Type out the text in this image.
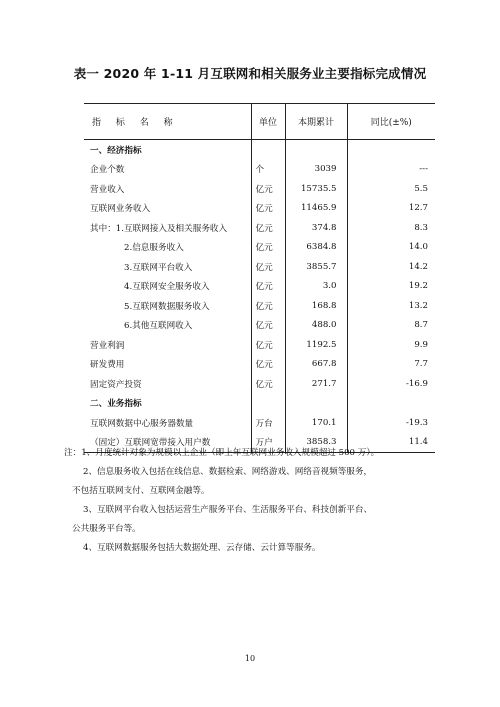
表一 2020 年 1-11 月互联网和相关服务业主要指标完成情况
指 标 名 称	单位	本期累计	同比(±%)
一、经济指标			
企业个数	个	3039	---
营业收入	亿元	15735.5	5.5
互联网业务收入	亿元	11465.9	12.7
其中：1.互联网接入及相关服务收入	亿元	374.8	8.3
2.信息服务收入	亿元	6384.8	14.0
3.互联网平台收入	亿元	3855.7	14.2
4.互联网安全服务收入	亿元	3.0	19.2
5.互联网数据服务收入	亿元	168.8	13.2
6.其他互联网收入	亿元	488.0	8.7
营业利润	亿元	1192.5	9.9
研发费用	亿元	667.8	7.7
固定资产投资	亿元	271.7	-16.9
二、业务指标			
互联网数据中心服务器数量	万台	170.1	-19.3
（固定）互联网宽带接入用户数	万户	3858.3	11.4

注：1、月度统计对象为规模以上企业（即上年互联网业务收入规模超过 500 万）。

2、信息服务收入包括在线信息、数据检索、网络游戏、网络音视频等服务，

不包括互联网支付、互联网金融等。

3、互联网平台收入包括运营生产服务平台、生活服务平台、科技创新平台、

公共服务平台等。

4、互联网数据服务包括大数据处理、云存储、云计算等服务。

10
